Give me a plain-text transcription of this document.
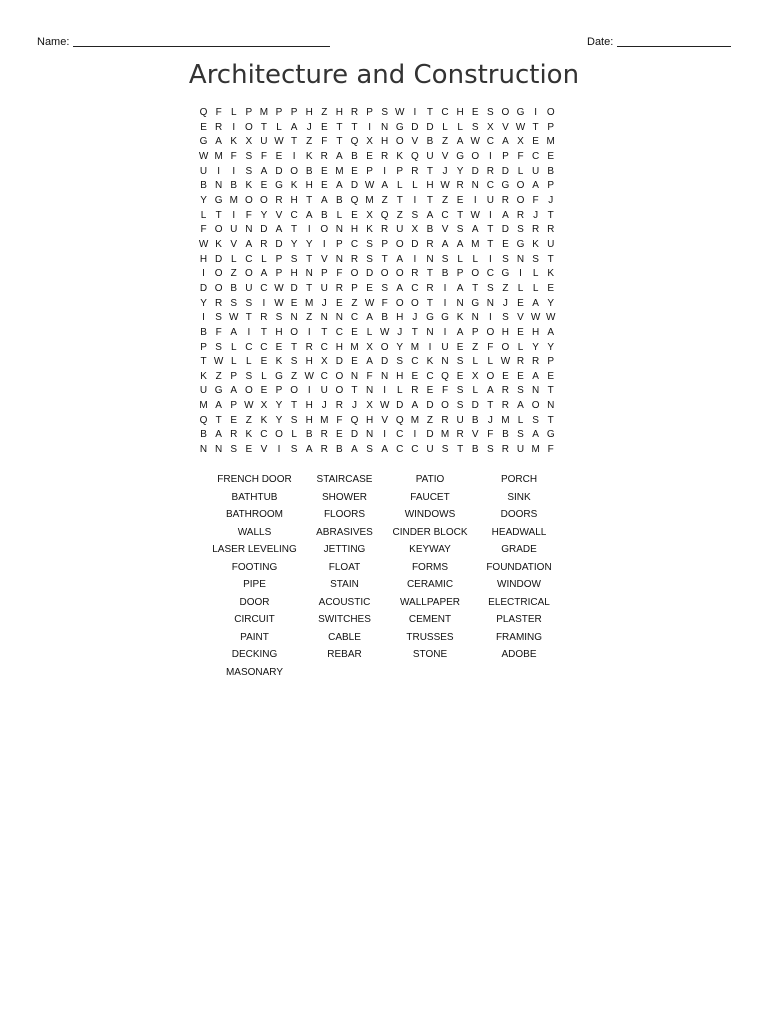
Name:	Date:
Architecture and Construction
Q F L P M P P H Z H R P S W I	T C H E S O G I O
E R	I O T L A J E T T	I	N G D D L L S X V W T P
G A K X U W T Z F T Q X H O V B Z A W C A X E M
W M F S F E	I	K R A B E R K Q U V G O I	P F C E
U	I	I	S A D O B E M E P	I	P R T J Y D R D L U B
B N B K E G K H E A D W A L L H W R N C G O A P
Y G M O O R H T A B Q M Z T	I	T Z E	I	U R O F J
L T	I	F Y V C A B L E X Q Z S A C T W I	A R J T
F O U N D A T	I O N H K R U X B V S A T D S R R
W K V A R D Y Y	I	P C S P O D R A A M T E G K U
H D L C L P S T V N R S T A	I	N S L L	I	S N S T
I O Z O A P H N P F O D O O R T B P O C G I	L K
D O B U C W D T U R P E S A C R	I	A T S Z L L E
Y R S S	I W E M J E Z W F O O T	I	N G N J E A Y
I	S W T R S N Z N N C A B H J G G K N	I	S V W W
B F A	I	T H O I	T C E L W J T N	I	A P O H E H A
P S L C C E T R C H M X O Y M I	U E Z F O L Y Y
T W L L E K S H X D E A D S C K N S L L W R R P
K Z P S L G Z W C O N F N H E C Q E X O E E A E
U G A O E P O I	U O T N	I	L R E F S L A R S N T
M A P W X Y T H J R J X W D A D O S D T R A O N
Q T E Z K Y S H M F Q H V Q M Z R U B J M L S T
B A R K C O L B R E D N	I	C	I	D M R V F B S A G
N N S E V	I	S A R B A S A C C U S T B S R U M F
FRENCH DOOR	STAIRCASE	PATIO	PORCH
BATHTUB	SHOWER	FAUCET	SINK
BATHROOM	FLOORS	WINDOWS	DOORS
WALLS	ABRASIVES	CINDER BLOCK	HEADWALL
LASER LEVELING	JETTING	KEYWAY	GRADE
FOOTING	FLOAT	FORMS	FOUNDATION
PIPE	STAIN	CERAMIC	WINDOW
DOOR	ACOUSTIC	WALLPAPER	ELECTRICAL
CIRCUIT	SWITCHES	CEMENT	PLASTER
PAINT	CABLE	TRUSSES	FRAMING
DECKING	REBAR	STONE	ADOBE
MASONARY
